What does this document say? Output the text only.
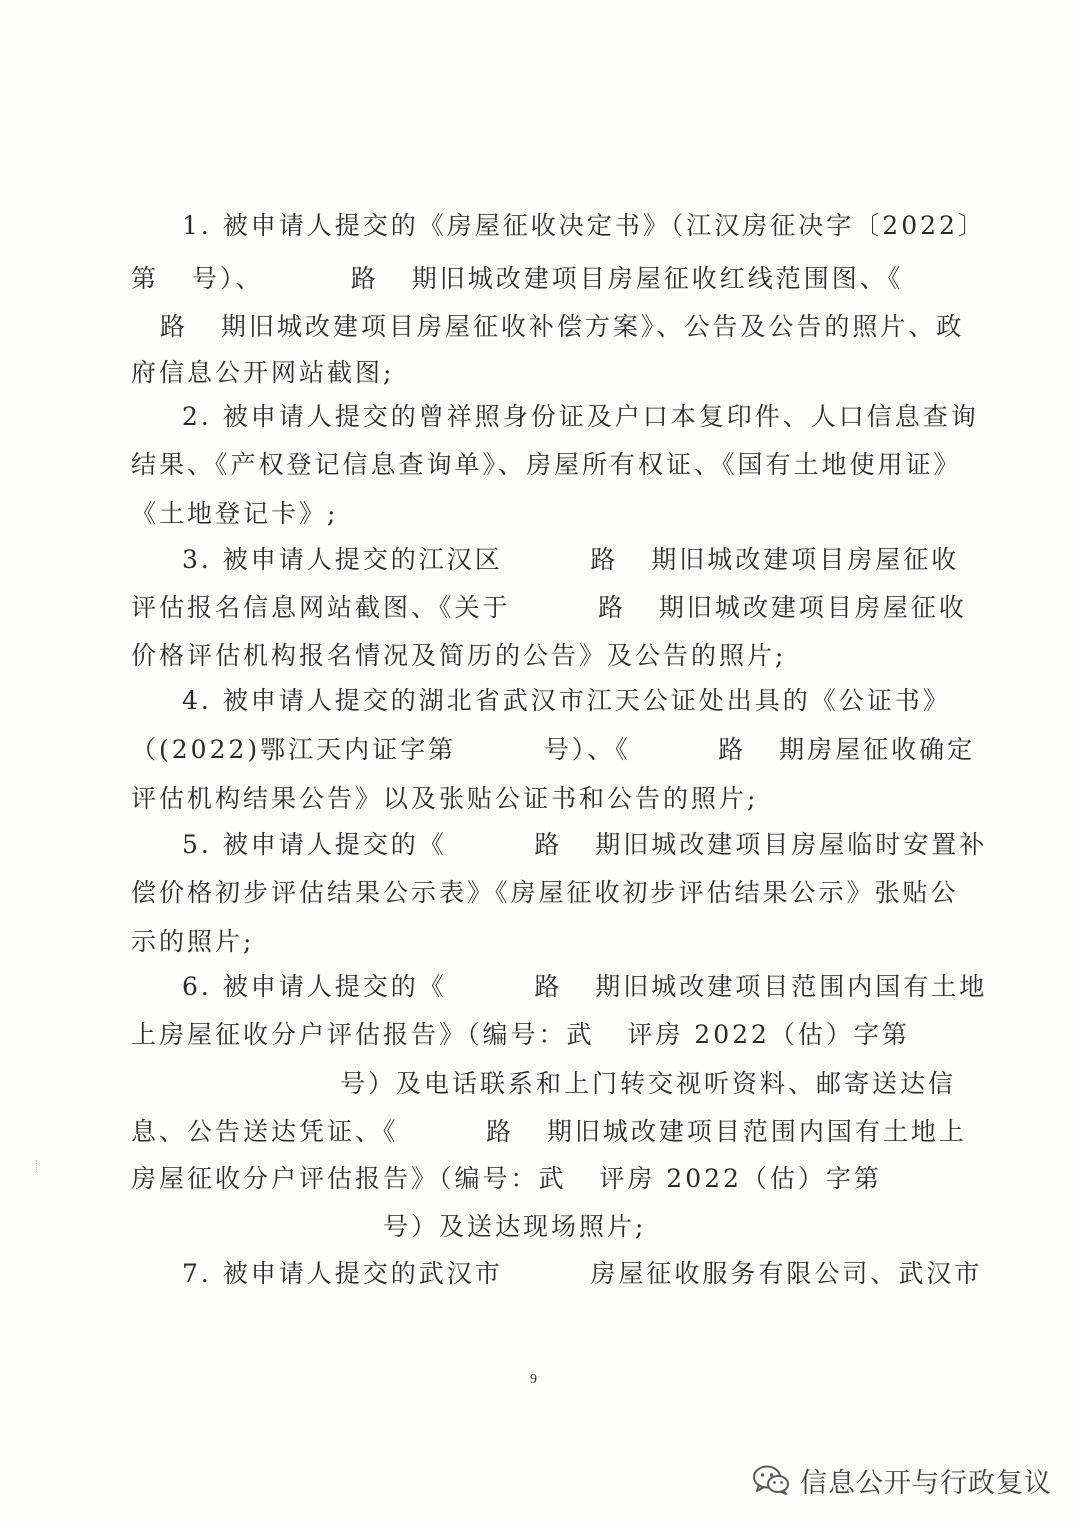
1. 被申请人提交的《房屋征收决定书》（江汉房征决字〔2022〕
第   号）、        路   期旧城改建项目房屋征收红线范围图、《
路   期旧城改建项目房屋征收补偿方案》、公告及公告的照片、政
府信息公开网站截图;
2. 被申请人提交的曾祥照身份证及户口本复印件、人口信息查询
结果、《产权登记信息查询单》、房屋所有权证、《国有土地使用证》
《土地登记卡》;
3. 被申请人提交的江汉区        路   期旧城改建项目房屋征收
评估报名信息网站截图、《关于        路   期旧城改建项目房屋征收
价格评估机构报名情况及简历的公告》及公告的照片;
4. 被申请人提交的湖北省武汉市江天公证处出具的《公证书》
（(2022)鄂江天内证字第        号）、《        路   期房屋征收确定
评估机构结果公告》以及张贴公证书和公告的照片;
5. 被申请人提交的《        路   期旧城改建项目房屋临时安置补
偿价格初步评估结果公示表》《房屋征收初步评估结果公示》张贴公
示的照片;
6. 被申请人提交的《        路   期旧城改建项目范围内国有土地
上房屋征收分户评估报告》（编号：武   评房 2022（估）字第
号）及电话联系和上门转交视听资料、邮寄送达信
息、公告送达凭证、《        路   期旧城改建项目范围内国有土地上
房屋征收分户评估报告》（编号：武   评房 2022（估）字第
号）及送达现场照片;
7. 被申请人提交的武汉市        房屋征收服务有限公司、武汉市
9
信息公开与行政复议
